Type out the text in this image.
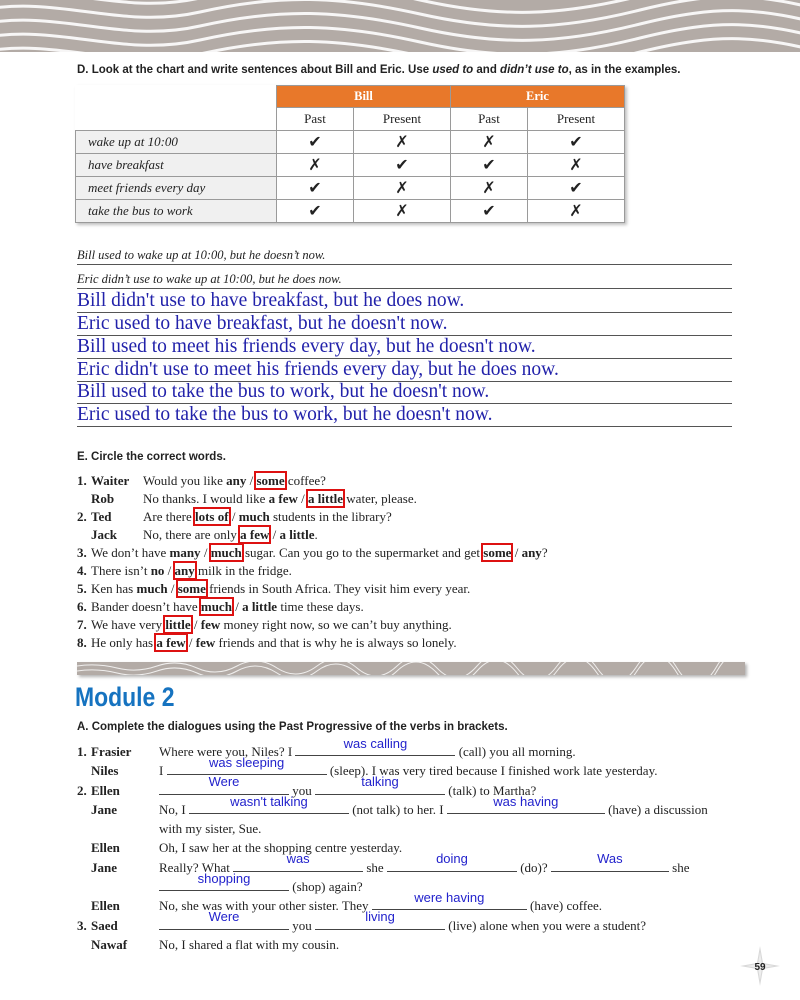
D. Look at the chart and write sentences about Bill and Eric. Use used to and didn’t use to, as in the examples.
	Bill		Eric	
	Past	Present	Past	Present
wake up at 10:00	✔	✗	✗	✔
have breakfast	✗	✔	✔	✗
meet friends every day	✔	✗	✗	✔
take the bus to work	✔	✗	✔	✗
Bill used to wake up at 10:00, but he doesn’t now.
Eric didn’t use to wake up at 10:00, but he does now.
Bill didn't use to have breakfast, but he does now.
Eric used to have breakfast, but he doesn't now.
Bill used to meet his friends every day, but he doesn't now.
Eric didn't use to meet his friends every day, but he does now.
Bill used to take the bus to work, but he doesn't now.
Eric used to take the bus to work, but he doesn't now.
E. Circle the correct words.
1. Waiter Would you like any / some coffee?
Rob No thanks. I would like a few / a little water, please.
2. Ted Are there lots of / much students in the library?
Jack No, there are only a few / a little.
3. We don’t have many / much sugar. Can you go to the supermarket and get some / any?
4. There isn’t no / any milk in the fridge.
5. Ken has much / some friends in South Africa. They visit him every year.
6. Bander doesn’t have much / a little time these days.
7. We have very little / few money right now, so we can’t buy anything.
8. He only has a few / few friends and that is why he is always so lonely.
Module 2
A. Complete the dialogues using the Past Progressive of the verbs in brackets.
1. Frasier Where were you, Niles? I
was calling
(call) you all morning.
Niles	I
was sleeping
(sleep). I was very tired because I finished work late yesterday.
2. Ellen
Were
you
talking
(talk) to Martha?
Jane	No, I
wasn't talking
(not talk) to her. I
was having
(have) a discussion
with my sister, Sue.
Ellen	Oh, I saw her at the shopping centre yesterday.
Jane	Really? What
was
she
doing
(do)?
Was
she
shopping
(shop) again?
Ellen	No, she was with your other sister. They
were having
(have) coffee.
3. Saed
Were
you
living
(live) alone when you were a student?
Nawaf No, I shared a flat with my cousin.
59
